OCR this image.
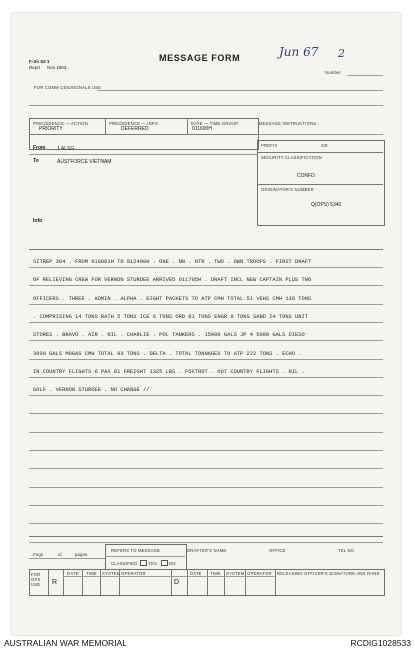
F-Sir 52-1
Reprt Nov 1963
MESSAGE FORM	Jun 67 2
Number
FOR COMM CEN/SIGNALS USE
PRECEDENCE — ACTION
PRIORITY
PRECEDENCE — INFO
DEFERRED
DATE — TIME GROUP
011600H
MESSAGE INSTRUCTIONS
From 1 ALSG
To	AUSTFORCE VIETNAM
Info
PREFIX	GR
SECURITY CLASSIFICATION
CONFD
ORIGINATOR'S NUMBER
Q(OPS) 5340
SITREP 364 . FROM 010001H TO 012400H . ONE . NN . NTR . TWO . OWN TROOPS . FIRST DRAFT
OF RELIEVING CREW FOR VERNON STURDEE ARRIVED 011705H . DRAFT INCL NEW CAPTAIN PLUS TWO
OFFICERS . THREE . ADMIN . ALPHA . EIGHT PACKETS TO ATP CMH TOTAL 51 VEHS CMH 139 TONS
. COMPRISING 14 TONS RATH 5 TONS ICE 6 TONS ORD 81 TONS ENGR 9 TONS SAND 24 TONS UNIT
STORES . BRAVO . AIR . NIL . CHARLIE . POL TANKERS . 15000 GALS JP 4 5000 GALS DIESO
3000 GALS MOGAS CMH TOTAL 83 TONS . DELTA . TOTAL TONNAGES TO ATP 222 TONS . ECHO .
IN COUNTRY FLIGHTS 6 PAX 81 FREIGHT 1325 LBS . FOXTROT . OUT COUNTRY FLIGHTS . NIL .
GOLF . VERNON STURDEE . NO CHANGE //
Page	of	pages
REFERS TO MESSAGE
CLASSIFIED	YES	NO
DRAFTER'S NAME	OFFICE	TEL NO
FOR OPS USE	R
DATE TIME SYSTEM OPERATOR
D
DATE TIME SYSTEM OPERATOR RELEASING OFFICER'S SIGNATURE AND RANK
AUSTRALIAN WAR MEMORIAL	RCDIG1028533
